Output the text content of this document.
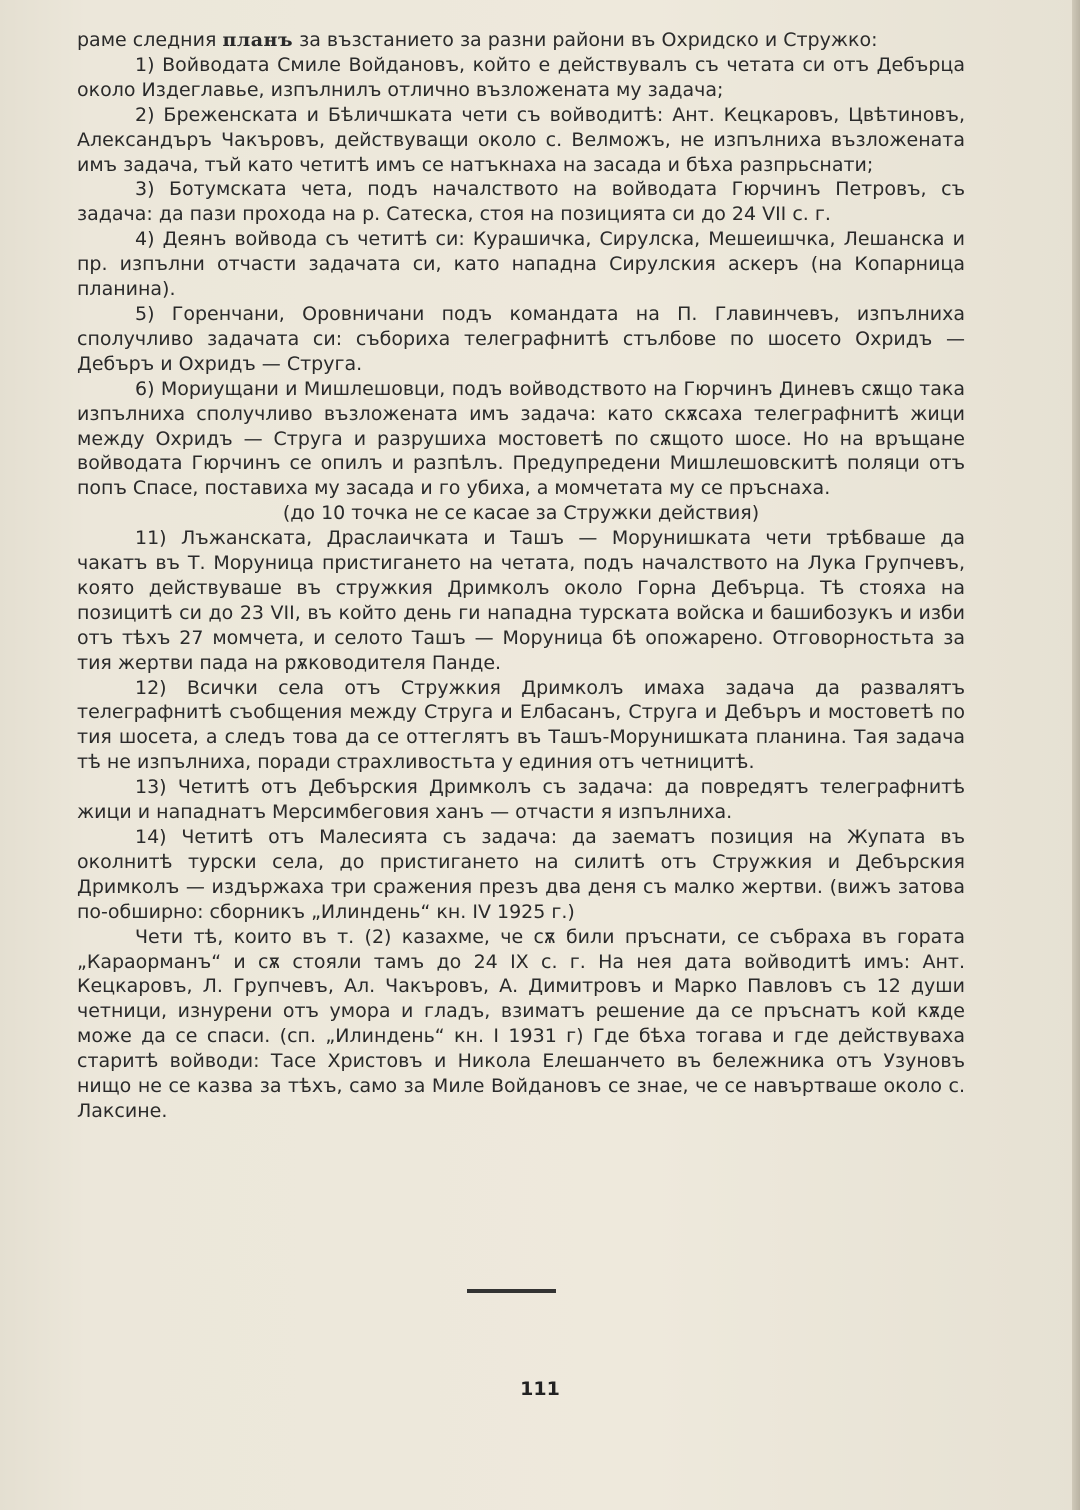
раме следния планъ за възстанието за разни райони въ Охридско и Стружко:

1) Войводата Смиле Войдановъ, който е действувалъ съ четата си отъ Дебърца около Издеглавье, изпълнилъ отлично възложената му задача;

2) Бреженската и Бѣличшката чети съ войводитѣ: Ант. Кецкаровъ, Цвѣтиновъ, Александъръ Чакъровъ, действуващи около с. Велможъ, не изпълниха възложената имъ задача, тъй като четитѣ имъ се натъкнаха на засада и бѣха разпрьснати;

3) Ботумската чета, подъ началството на войводата Гюрчинъ Петровъ, съ задача: да пази прохода на р. Сатеска, стоя на позицията си до 24 VII с. г.

4) Деянъ войвода съ четитѣ си: Курашичка, Сирулска, Мешеишчка, Лешанска и пр. изпълни отчасти задачата си, като нападна Сирулския аскеръ (на Копарница планина).

5) Горенчани, Оровничани подъ командата на П. Главинчевъ, изпълниха сполучливо задачата си: събориха телеграфнитѣ стълбове по шосето Охридъ — Дебъръ и Охридъ — Струга.

6) Мориущани и Мишлешовци, подъ войводството на Гюрчинъ Диневъ сѫщо така изпълниха сполучливо възложената имъ задача: като скѫсаха телеграфнитѣ жици между Охридъ — Струга и разрушиха мостоветѣ по сѫщото шосе. Но на връщане войводата Гюрчинъ се опилъ и разпѣлъ. Предупредени Мишлешовскитѣ поляци отъ попъ Спасе, поставиха му засада и го убиха, а момчетата му се пръснаха.

(до 10 точка не се касае за Стружки действия)

11) Лъжанската, Драслаичката и Ташъ — Морунишката чети трѣбваше да чакатъ въ Т. Моруница пристигането на четата, подъ началството на Лука Групчевъ, която действуваше въ стружкия Дримколъ около Горна Дебърца. Тѣ стояха на позицитѣ си до 23 VII, въ който день ги нападна турската войска и башибозукъ и изби отъ тѣхъ 27 момчета, и селото Ташъ — Моруница бѣ опожарено. Отговорностьта за тия жертви пада на рѫководителя Панде.

12) Всички села отъ Стружкия Дримколъ имаха задача да развалятъ телеграфнитѣ съобщения между Струга и Елбасанъ, Струга и Дебъръ и мостоветѣ по тия шосета, а следъ това да се оттеглятъ въ Ташъ-Морунишката планина. Тая задача тѣ не изпълниха, поради страхливостьта у единия отъ четницитѣ.

13) Четитѣ отъ Дебърския Дримколъ съ задача: да повредятъ телеграфнитѣ жици и нападнатъ Мерсимбеговия ханъ — отчасти я изпълниха.

14) Четитѣ отъ Малесията съ задача: да заематъ позиция на Жупата въ околнитѣ турски села, до пристигането на силитѣ отъ Стружкия и Дебърския Дримколъ — издържаха три сражения презъ два деня съ малко жертви. (вижъ затова по-обширно: сборникъ „Илиндень“ кн. IV 1925 г.)

Чети тѣ, които въ т. (2) казахме, че сѫ били пръснати, се събраха въ гората „Караорманъ“ и сѫ стояли тамъ до 24 IX с. г. На нея дата войводитѣ имъ: Ант. Кецкаровъ, Л. Групчевъ, Ал. Чакъровъ, А. Димитровъ и Марко Павловъ съ 12 души четници, изнурени отъ умора и гладъ, взиматъ решение да се пръснатъ кой кѫде може да се спаси. (сп. „Илиндень“ кн. I 1931 г) Где бѣха тогава и где действуваха старитѣ войводи: Тасе Христовъ и Никола Елешанчето въ бележника отъ Узуновъ нищо не се казва за тѣхъ, само за Миле Войдановъ се знае, че се навъртваше около с. Лаксине.

111
